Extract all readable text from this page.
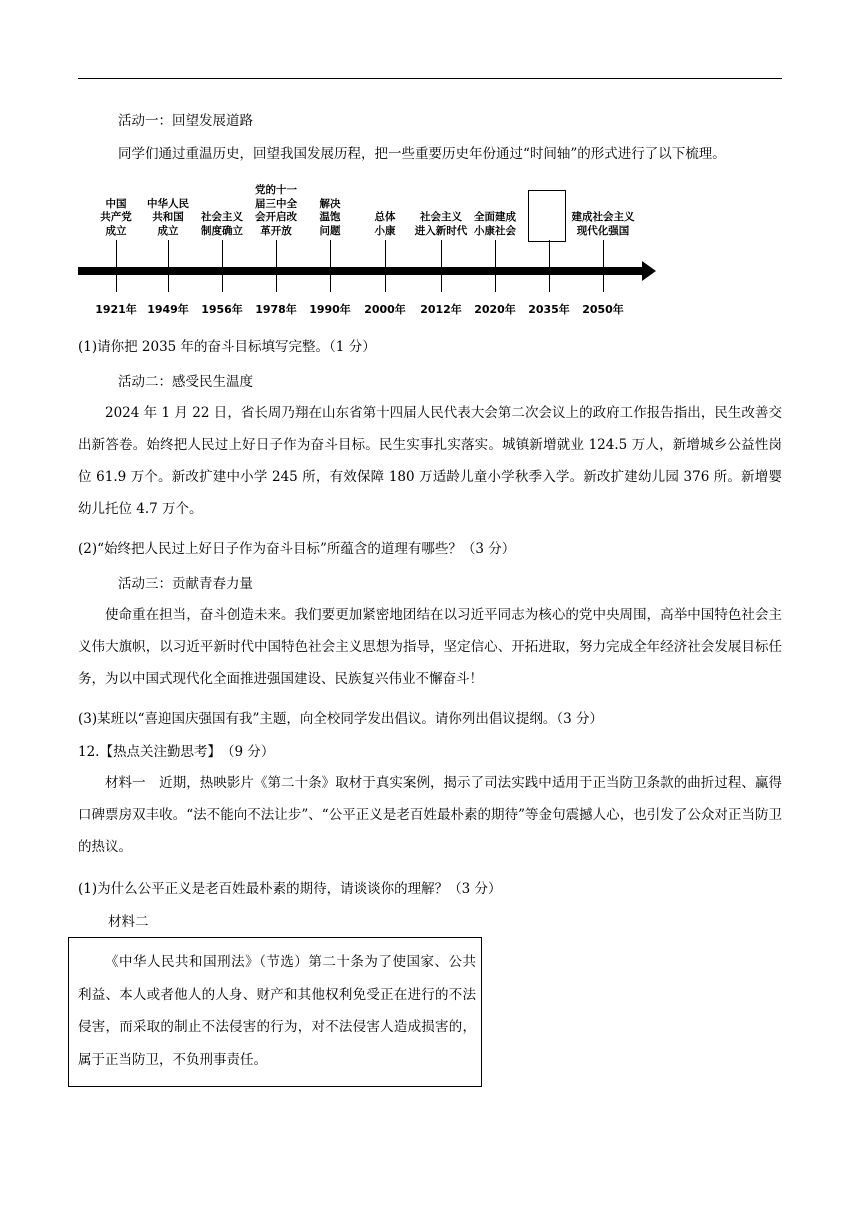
活动一：回望发展道路
同学们通过重温历史，回望我国发展历程，把一些重要历史年份通过“时间轴”的形式进行了以下梳理。
中国
共产党
成立
1921年
中华人民
共和国
成立
1949年
社会主义
制度确立
1956年
党的十一
届三中全
会开启改
革开放
1978年
解决
温饱
问题
1990年
总体
小康
2000年
社会主义
进入新时代
2012年
全面建成
小康社会
2020年 2035年
建成社会主义
现代化强国
2050年
(1)请你把 2035 年的奋斗目标填写完整。（1 分）
活动二：感受民生温度
2024 年 1 月 22 日，省长周乃翔在山东省第十四届人民代表大会第二次会议上的政府工作报告指出，民生改善交出新答卷。始终把人民过上好日子作为奋斗目标。民生实事扎实落实。城镇新增就业 124.5 万人，新增城乡公益性岗位 61.9 万个。新改扩建中小学 245 所，有效保障 180 万适龄儿童小学秋季入学。新改扩建幼儿园 376 所。新增婴幼儿托位 4.7 万个。
(2)“始终把人民过上好日子作为奋斗目标”所蕴含的道理有哪些？（3 分）
活动三：贡献青春力量
使命重在担当，奋斗创造未来。我们要更加紧密地团结在以习近平同志为核心的党中央周围，高举中国特色社会主义伟大旗帜，以习近平新时代中国特色社会主义思想为指导，坚定信心、开拓进取，努力完成全年经济社会发展目标任务，为以中国式现代化全面推进强国建设、民族复兴伟业不懈奋斗！
(3)某班以“喜迎国庆强国有我”主题，向全校同学发出倡议。请你列出倡议提纲。（3 分）
12.【热点关注勤思考】　（9 分）
材料一　近期，热映影片《第二十条》取材于真实案例，揭示了司法实践中适用于正当防卫条款的曲折过程、赢得口碑票房双丰收。“法不能向不法让步”、“公平正义是老百姓最朴素的期待”等金句震撼人心，也引发了公众对正当防卫的热议。
(1)为什么公平正义是老百姓最朴素的期待，请谈谈你的理解？（3 分）
材料二
《中华人民共和国刑法》（节选）第二十条为了使国家、公共利益、本人或者他人的人身、财产和其他权利免受正在进行的不法侵害，而采取的制止不法侵害的行为，对不法侵害人造成损害的，属于正当防卫，不负刑事责任。
